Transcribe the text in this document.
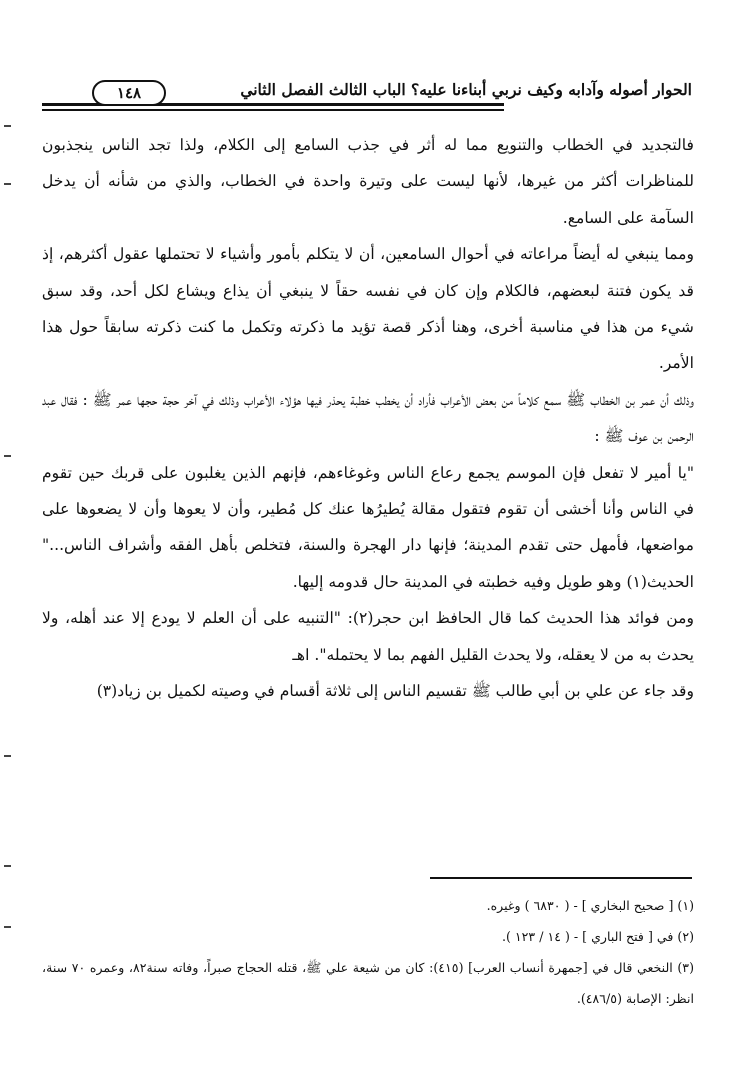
الحوار أصوله وآدابه وكيف نربي أبناءنا عليه؟ الباب الثالث الفصل الثاني
١٤٨

فالتجديد في الخطاب والتنويع مما له أثر في جذب السامع إلى الكلام، ولذا تجد الناس ينجذبون للمناظرات أكثر من غيرها، لأنها ليست على وتيرة واحدة في الخطاب، والذي من شأنه أن يدخل السآمة على السامع.

ومما ينبغي له أيضاً مراعاته في أحوال السامعين، أن لا يتكلم بأمور وأشياء لا تحتملها عقول أكثرهم، إذ قد يكون فتنة لبعضهم، فالكلام وإن كان في نفسه حقاً لا ينبغي أن يذاع ويشاع لكل أحد، وقد سبق شيء من هذا في مناسبة أخرى، وهنا أذكر قصة تؤيد ما ذكرته وتكمل ما كنت ذكرته سابقاً حول هذا الأمر.

وذلك أن عمر بن الخطاب ﷺ سمع كلاماً من بعض الأعراب فأراد أن يخطب خطبة يحذر فيها هؤلاء الأعراب وذلك في آخر حجة حجها عمر ﷺ : فقال عبد الرحمن بن عوف ﷺ :

"يا أمير لا تفعل فإن الموسم يجمع رعاع الناس وغوغاءهم، فإنهم الذين يغلبون على قربك حين تقوم في الناس وأنا أخشى أن تقوم فتقول مقالة يُطيرُها عنك كل مُطير، وأن لا يعوها وأن لا يضعوها على مواضعها، فأمهل حتى تقدم المدينة؛ فإنها دار الهجرة والسنة، فتخلص بأهل الفقه وأشراف الناس..." الحديث(١) وهو طويل وفيه خطبته في المدينة حال قدومه إليها.

ومن فوائد هذا الحديث كما قال الحافظ ابن حجر(٢): "التنبيه على أن العلم لا يودع إلا عند أهله، ولا يحدث به من لا يعقله، ولا يحدث القليل الفهم بما لا يحتمله". اهـ

وقد جاء عن علي بن أبي طالب ﷺ تقسيم الناس إلى ثلاثة أقسام في وصيته لكميل بن زياد(٣)

(١) [ صحيح البخاري ] - ( ٦٨٣٠ ) وغيره.

(٢) في [ فتح الباري ] - ( ١٤ / ١٢٣ ).

(٣) النخعي قال في [جمهرة أنساب العرب] (٤١٥): كان من شيعة علي ﷺ، قتله الحجاج صبراً، وفاته سنة٨٢، وعمره ٧٠ سنة، انظر: الإصابة (٤٨٦/٥).
